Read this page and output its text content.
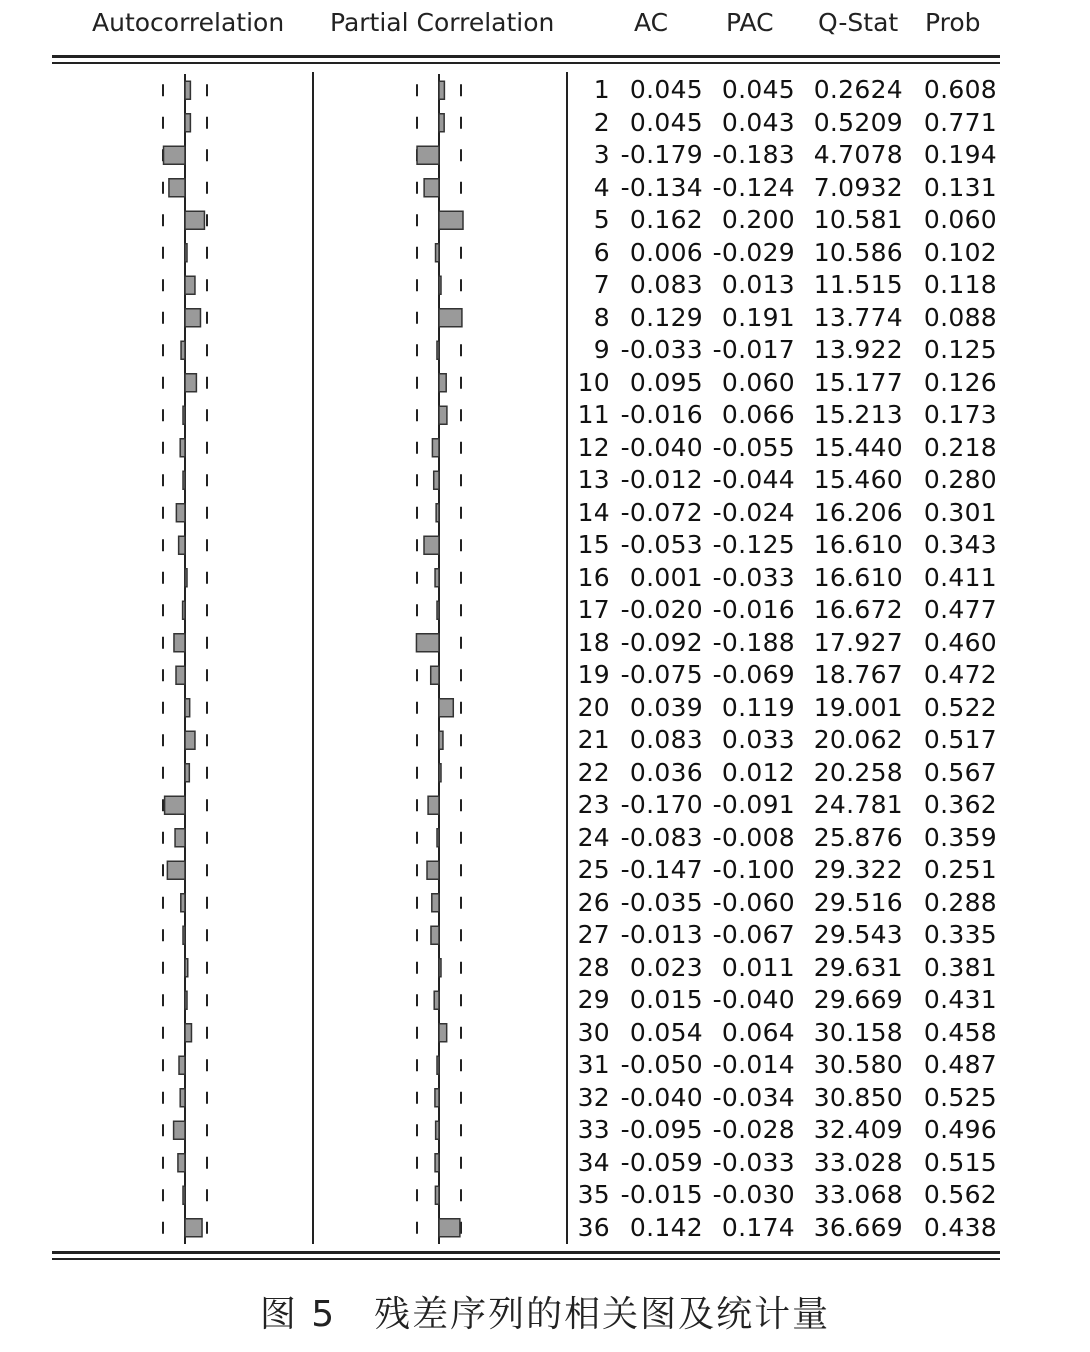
Autocorrelation Partial Correlation	AC PAC Q-Stat Prob
1 0.045 0.045 0.2624 0.608
2 0.045 0.043 0.5209 0.771
3 -0.179 -0.183 4.7078 0.194
4 -0.134 -0.124 7.0932 0.131
5 0.162 0.200 10.581 0.060
6 0.006 -0.029 10.586 0.102
7 0.083 0.013 11.515 0.118
8 0.129 0.191 13.774 0.088
9 -0.033 -0.017 13.922 0.125
10 0.095 0.060 15.177 0.126
11 -0.016 0.066 15.213 0.173
12 -0.040 -0.055 15.440 0.218
13 -0.012 -0.044 15.460 0.280
14 -0.072 -0.024 16.206 0.301
15 -0.053 -0.125 16.610 0.343
16 0.001 -0.033 16.610 0.411
17 -0.020 -0.016 16.672 0.477
18 -0.092 -0.188 17.927 0.460
19 -0.075 -0.069 18.767 0.472
20 0.039 0.119 19.001 0.522
21 0.083 0.033 20.062 0.517
22 0.036 0.012 20.258 0.567
23 -0.170 -0.091 24.781 0.362
24 -0.083 -0.008 25.876 0.359
25 -0.147 -0.100 29.322 0.251
26 -0.035 -0.060 29.516 0.288
27 -0.013 -0.067 29.543 0.335
28 0.023 0.011 29.631 0.381
29 0.015 -0.040 29.669 0.431
30 0.054 0.064 30.158 0.458
31 -0.050 -0.014 30.580 0.487
32 -0.040 -0.034 30.850 0.525
33 -0.095 -0.028 32.409 0.496
34 -0.059 -0.033 33.028 0.515
35 -0.015 -0.030 33.068 0.562
36 0.142 0.174 36.669 0.438
图 5　残差序列的相关图及统计量
